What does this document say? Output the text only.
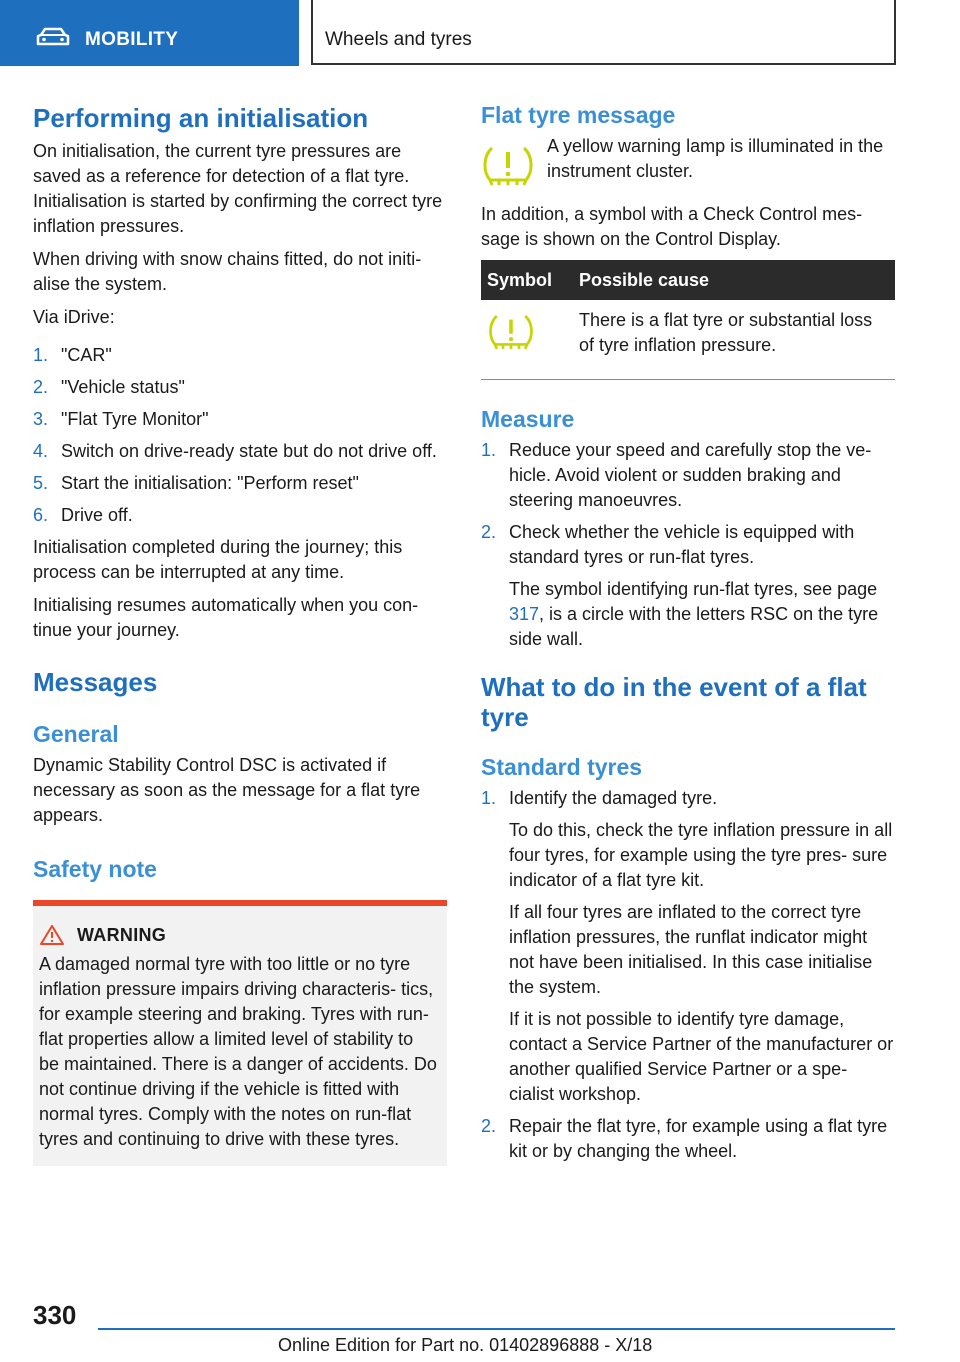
MOBILITY	Wheels and tyres
Performing an initialisation

On initialisation, the current tyre pressures are saved as a reference for detection of a flat tyre. Initialisation is started by confirming the correct tyre inflation pressures.

When driving with snow chains fitted, do not initi- alise the system.

Via iDrive:

1. "CAR"
2. "Vehicle status"
3. "Flat Tyre Monitor"
4. Switch on drive-ready state but do not drive off.
5. Start the initialisation: "Perform reset"
6. Drive off.

Initialisation completed during the journey; this process can be interrupted at any time.

Initialising resumes automatically when you con- tinue your journey.

Messages
General

Dynamic Stability Control DSC is activated if necessary as soon as the message for a flat tyre appears.

Safety note
WARNING

A damaged normal tyre with too little or no tyre inflation pressure impairs driving characteris- tics, for example steering and braking. Tyres with run-flat properties allow a limited level of stability to be maintained. There is a danger of accidents. Do not continue driving if the vehicle is fitted with normal tyres. Comply with the notes on run-flat tyres and continuing to drive with these tyres.

Flat tyre message

A yellow warning lamp is illuminated in the instrument cluster.

In addition, a symbol with a Check Control mes- sage is shown on the Control Display.

Symbol	Possible cause
	There is a flat tyre or substantial loss of tyre inflation pressure.
Measure
1. Reduce your speed and carefully stop the ve- hicle. Avoid violent or sudden braking and steering manoeuvres.
2. Check whether the vehicle is equipped with standard tyres or run-flat tyres.

The symbol identifying run-flat tyres, see page 317, is a circle with the letters RSC on the tyre side wall.

What to do in the event of a flat tyre
Standard tyres
1. Identify the damaged tyre.

To do this, check the tyre inflation pressure in all four tyres, for example using the tyre pres- sure indicator of a flat tyre kit.

If all four tyres are inflated to the correct tyre inflation pressures, the runflat indicator might not have been initialised. In this case initialise the system.

If it is not possible to identify tyre damage, contact a Service Partner of the manufacturer or another qualified Service Partner or a spe- cialist workshop.

2. Repair the flat tyre, for example using a flat tyre kit or by changing the wheel.
330
Online Edition for Part no. 01402896888 - X/18
